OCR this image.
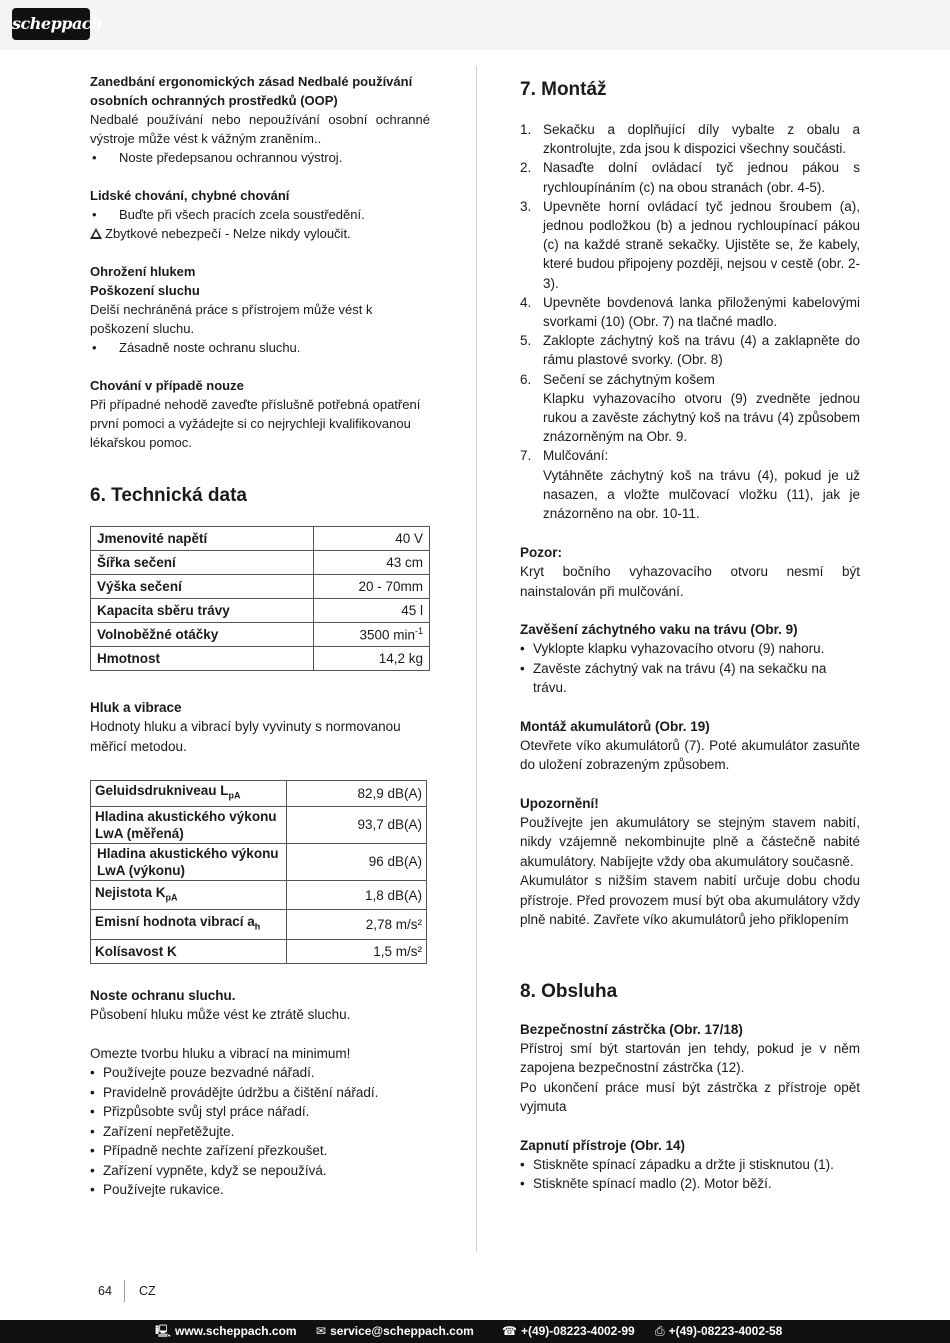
scheppach
Zanedbání ergonomických zásad Nedbalé používání osobních ochranných prostředků (OOP)
Nedbalé používání nebo nepoužívání osobní ochranné výstroje může vést k vážným zraněním..
• Noste předepsanou ochrannou výstroj.
Lidské chování, chybné chování
• Buďte při všech pracích zcela soustředění.
Zbytkové nebezpečí - Nelze nikdy vyloučit.
Ohrožení hlukem
Poškození sluchu
Delší nechráněná práce s přístrojem může vést k poškození sluchu.
• Zásadně noste ochranu sluchu.
Chování v případě nouze
Při případné nehodě zaveďte příslušně potřebná opatření první pomoci a vyžádejte si co nejrychleji kvalifikovanou lékařskou pomoc.
6. Technická data
Jmenovité napětí	40 V
Šířka sečení	43 cm
Výška sečení	20 - 70mm
Kapacita sběru trávy	45 l
Volnoběžné otáčky	3500 $\min^{-1}$
Hmotnost	14,2 kg
Hluk a vibrace
Hodnoty hluku a vibrací byly vyvinuty s normovanou měřicí metodou.
Geluidsdrukniveau $L_{pA}$	82,9 dB(A)
Hladina akustického výkonu LwA (měřená)	93,7 dB(A)
Hladina akustického výkonu LwA (výkonu)	96 dB(A)
Nejistota $K_{pA}$	1,8 dB(A)
Emisní hodnota vibrací $a_h$	2,78 m/s²
Kolísavost K	1,5 m/s²
Noste ochranu sluchu.
Působení hluku může vést ke ztrátě sluchu.
Omezte tvorbu hluku a vibrací na minimum!
• Používejte pouze bezvadné nářadí.
• Pravidelně provádějte údržbu a čištění nářadí.
• Přizpůsobte svůj styl práce nářadí.
• Zařízení nepřetěžujte.
• Případně nechte zařízení přezkoušet.
• Zařízení vypněte, když se nepoužívá.
• Používejte rukavice.
7. Montáž
1. Sekačku a doplňující díly vybalte z obalu a zkontrolujte, zda jsou k dispozici všechny součásti.
2. Nasaďte dolní ovládací tyč jednou pákou s rychloupínáním (c) na obou stranách (obr. 4-5).
3. Upevněte horní ovládací tyč jednou šroubem (a), jednou podložkou (b) a jednou rychloupínací pákou (c) na každé straně sekačky. Ujistěte se, že kabely, které budou připojeny později, nejsou v cestě (obr. 2-3).
4. Upevněte bovdenová lanka přiloženými kabelovými svorkami (10) (Obr. 7) na tlačné madlo.
5. Zaklopte záchytný koš na trávu (4) a zaklapněte do rámu plastové svorky. (Obr. 8)
6. Sečení se záchytným košem
Klapku vyhazovacího otvoru (9) zvedněte jednou rukou a zavěste záchytný koš na trávu (4) způsobem znázorněným na Obr. 9.
7. Mulčování:
Vytáhněte záchytný koš na trávu (4), pokud je už nasazen, a vložte mulčovací vložku (11), jak je znázorněno na obr. 10-11.
Pozor:
Kryt bočního vyhazovacího otvoru nesmí být nainstalován při mulčování.
Zavěšení záchytného vaku na trávu (Obr. 9)
• Vyklopte klapku vyhazovacího otvoru (9) nahoru.
• Zavěste záchytný vak na trávu (4) na sekačku na trávu.
Montáž akumulátorů (Obr. 19)
Otevřete víko akumulátorů (7). Poté akumulátor zasuňte do uložení zobrazeným způsobem.
Upozornění!
Používejte jen akumulátory se stejným stavem nabití, nikdy vzájemně nekombinujte plně a částečně nabité akumulátory. Nabíjejte vždy oba akumulátory současně.
Akumulátor s nižším stavem nabití určuje dobu chodu přístroje. Před provozem musí být oba akumulátory vždy plně nabité. Zavřete víko akumulátorů jeho přiklopením
8. Obsluha
Bezpečnostní zástrčka (Obr. 17/18)
Přístroj smí být startován jen tehdy, pokud je v něm zapojena bezpečnostní zástrčka (12).
Po ukončení práce musí být zástrčka z přístroje opět vyjmuta
Zapnutí přístroje (Obr. 14)
• Stiskněte spínací západku a držte ji stisknutou (1).
• Stiskněte spínací madlo (2). Motor běží.
64 CZ
🖳 www.scheppach.com ✉ service@scheppach.com ☎ +(49)-08223-4002-99 ⎙ +(49)-08223-4002-58
